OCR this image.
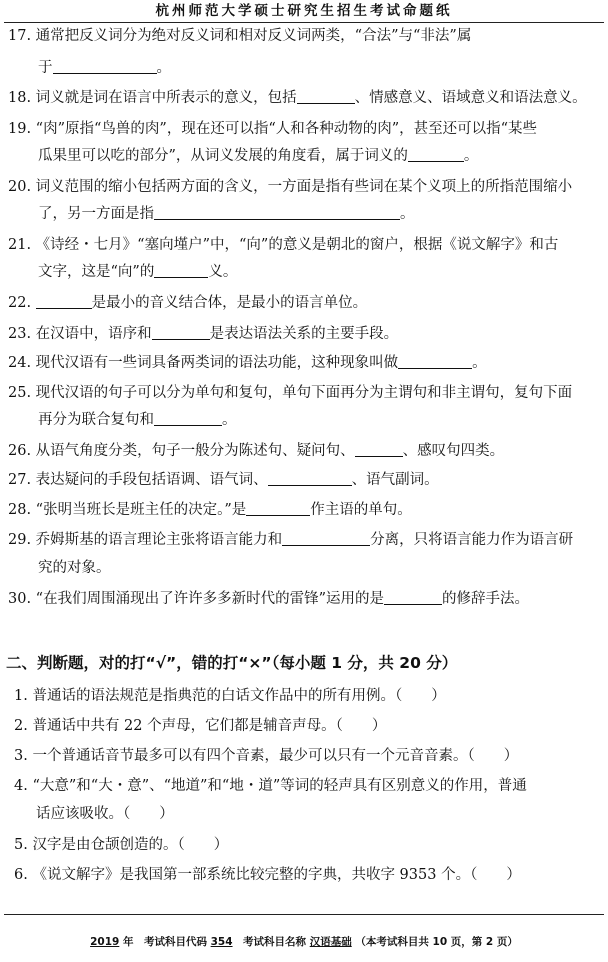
杭州师范大学硕士研究生招生考试命题纸
17. 通常把反义词分为绝对反义词和相对反义词两类，“合法”与“非法”属
于	。
18. 词义就是词在语言中所表示的意义，包括	、情感意义、语域意义和语法意义。
19. “肉”原指“鸟兽的肉”，现在还可以指“人和各种动物的肉”，甚至还可以指“某些
瓜果里可以吃的部分”，从词义发展的角度看，属于词义的	。
20. 词义范围的缩小包括两方面的含义，一方面是指有些词在某个义项上的所指范围缩小
了，另一方面是指	。
21. 《诗经・七月》“塞向墐户”中，“向”的意义是朝北的窗户，根据《说文解字》和古
文字，这是“向”的	义。
22.	是最小的音义结合体，是最小的语言单位。
23. 在汉语中，语序和	是表达语法关系的主要手段。
24. 现代汉语有一些词具备两类词的语法功能，这种现象叫做	。
25. 现代汉语的句子可以分为单句和复句，单句下面再分为主谓句和非主谓句，复句下面
再分为联合复句和	。
26. 从语气角度分类，句子一般分为陈述句、疑问句、	、感叹句四类。
27. 表达疑问的手段包括语调、语气词、	、语气副词。
28. “张明当班长是班主任的决定。”是	作主语的单句。
29. 乔姆斯基的语言理论主张将语言能力和	分离，只将语言能力作为语言研
究的对象。
30. “在我们周围涌现出了许许多多新时代的雷锋”运用的是	的修辞手法。
二、判断题，对的打“√”，错的打“×”（每小题 1 分，共 20 分）
1. 普通话的语法规范是指典范的白话文作品中的所有用例。（　　）
2. 普通话中共有 22 个声母，它们都是辅音声母。（　　）
3. 一个普通话音节最多可以有四个音素，最少可以只有一个元音音素。（　　）
4. “大意”和“大・意”、“地道”和“地・道”等词的轻声具有区别意义的作用，普通
话应该吸收。（　　）
5. 汉字是由仓颉创造的。（　　）
6. 《说文解字》是我国第一部系统比较完整的字典，共收字 9353 个。（　　）
2019 年　考试科目代码 354　 考试科目名称 汉语基础 （本考试科目共 10 页，第 2 页）
